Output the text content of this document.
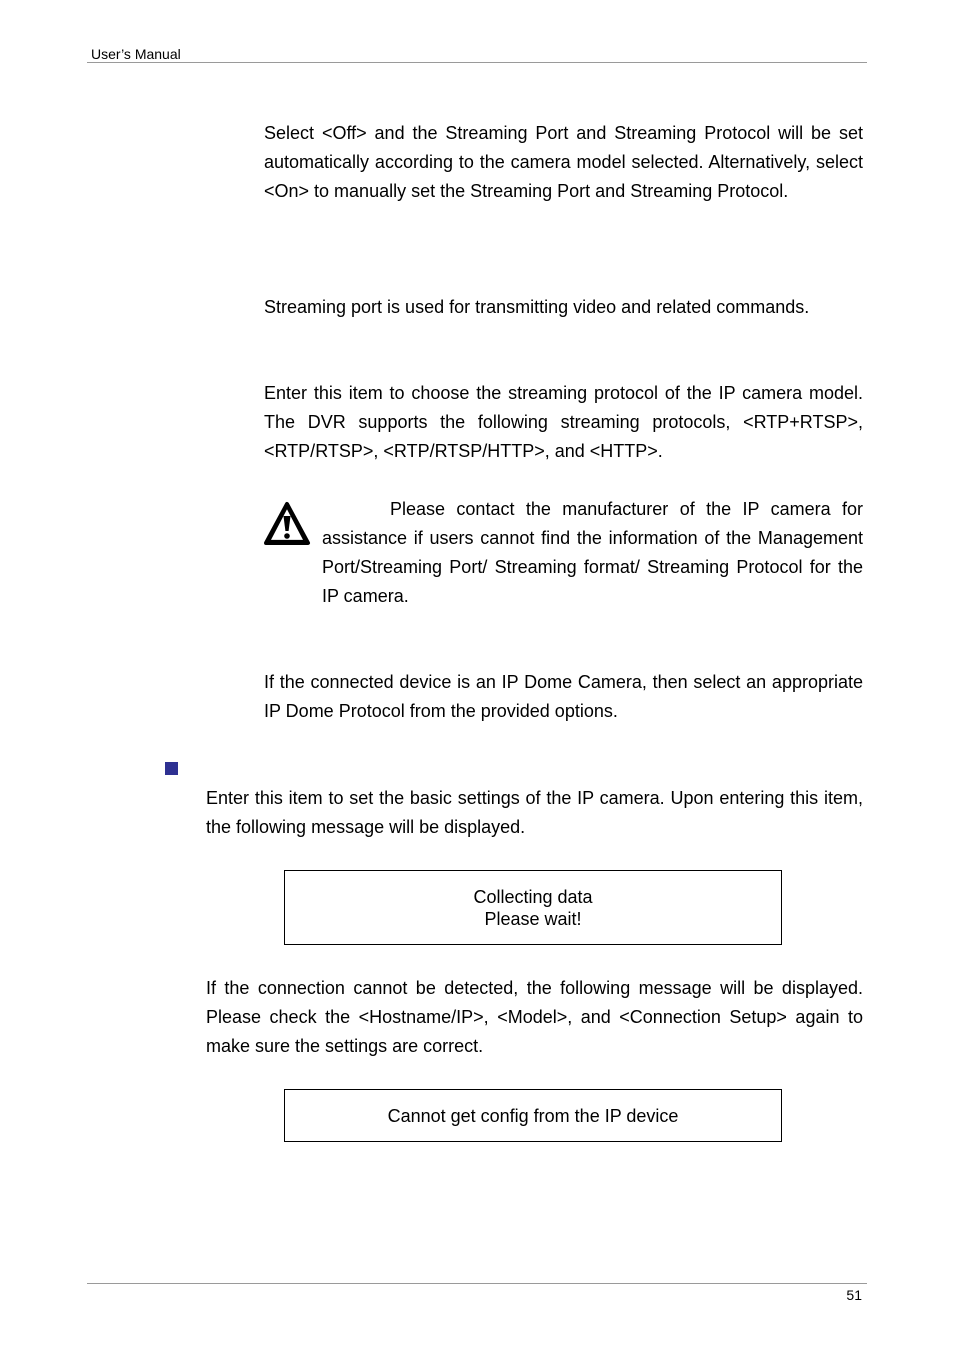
User’s Manual

Select <Off> and the Streaming Port and Streaming Protocol will be set automatically according to the camera model selected. Alternatively, select <On> to manually set the Streaming Port and Streaming Protocol.

Streaming port is used for transmitting video and related commands.

Enter this item to choose the streaming protocol of the IP camera model. The DVR supports the following streaming protocols, <RTP+RTSP>, <RTP/RTSP>, <RTP/RTSP/HTTP>, and <HTTP>.

Please contact the manufacturer of the IP camera for assistance if users cannot find the information of the Management Port/Streaming Port/ Streaming format/ Streaming Protocol for the IP camera.

If the connected device is an IP Dome Camera, then select an appropriate IP Dome Protocol from the provided options.

Enter this item to set the basic settings of the IP camera. Upon entering this item, the following message will be displayed.

Collecting data
Please wait!

If the connection cannot be detected, the following message will be displayed. Please check the <Hostname/IP>, <Model>, and <Connection Setup> again to make sure the settings are correct.

Cannot get config from the IP device
51
